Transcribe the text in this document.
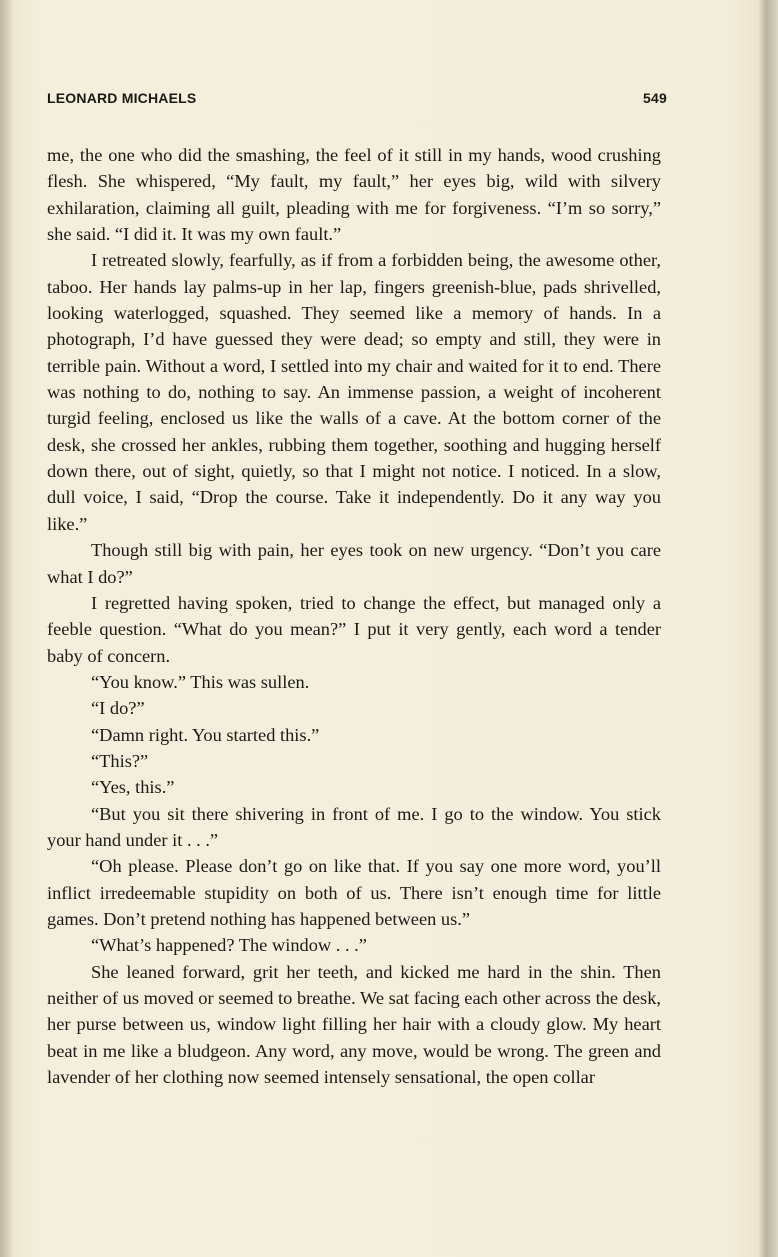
LEONARD MICHAELS	549

me, the one who did the smashing, the feel of it still in my hands, wood crushing flesh. She whispered, “My fault, my fault,” her eyes big, wild with silvery exhilaration, claiming all guilt, pleading with me for forgiveness. “I’m so sorry,” she said. “I did it. It was my own fault.”

I retreated slowly, fearfully, as if from a forbidden being, the awesome other, taboo. Her hands lay palms-up in her lap, fingers greenish-blue, pads shrivelled, looking waterlogged, squashed. They seemed like a memory of hands. In a photograph, I’d have guessed they were dead; so empty and still, they were in terrible pain. Without a word, I settled into my chair and waited for it to end. There was nothing to do, nothing to say. An immense passion, a weight of incoherent turgid feeling, enclosed us like the walls of a cave. At the bottom corner of the desk, she crossed her ankles, rubbing them together, soothing and hugging herself down there, out of sight, quietly, so that I might not notice. I noticed. In a slow, dull voice, I said, “Drop the course. Take it independently. Do it any way you like.”

Though still big with pain, her eyes took on new urgency. “Don’t you care what I do?”

I regretted having spoken, tried to change the effect, but managed only a feeble question. “What do you mean?” I put it very gently, each word a tender baby of concern.

“You know.” This was sullen.

“I do?”

“Damn right. You started this.”

“This?”

“Yes, this.”

“But you sit there shivering in front of me. I go to the window. You stick your hand under it . . .”

“Oh please. Please don’t go on like that. If you say one more word, you’ll inflict irredeemable stupidity on both of us. There isn’t enough time for little games. Don’t pretend nothing has happened between us.”

“What’s happened? The window . . .”

She leaned forward, grit her teeth, and kicked me hard in the shin. Then neither of us moved or seemed to breathe. We sat facing each other across the desk, her purse between us, window light filling her hair with a cloudy glow. My heart beat in me like a bludgeon. Any word, any move, would be wrong. The green and lavender of her clothing now seemed intensely sensational, the open collar
